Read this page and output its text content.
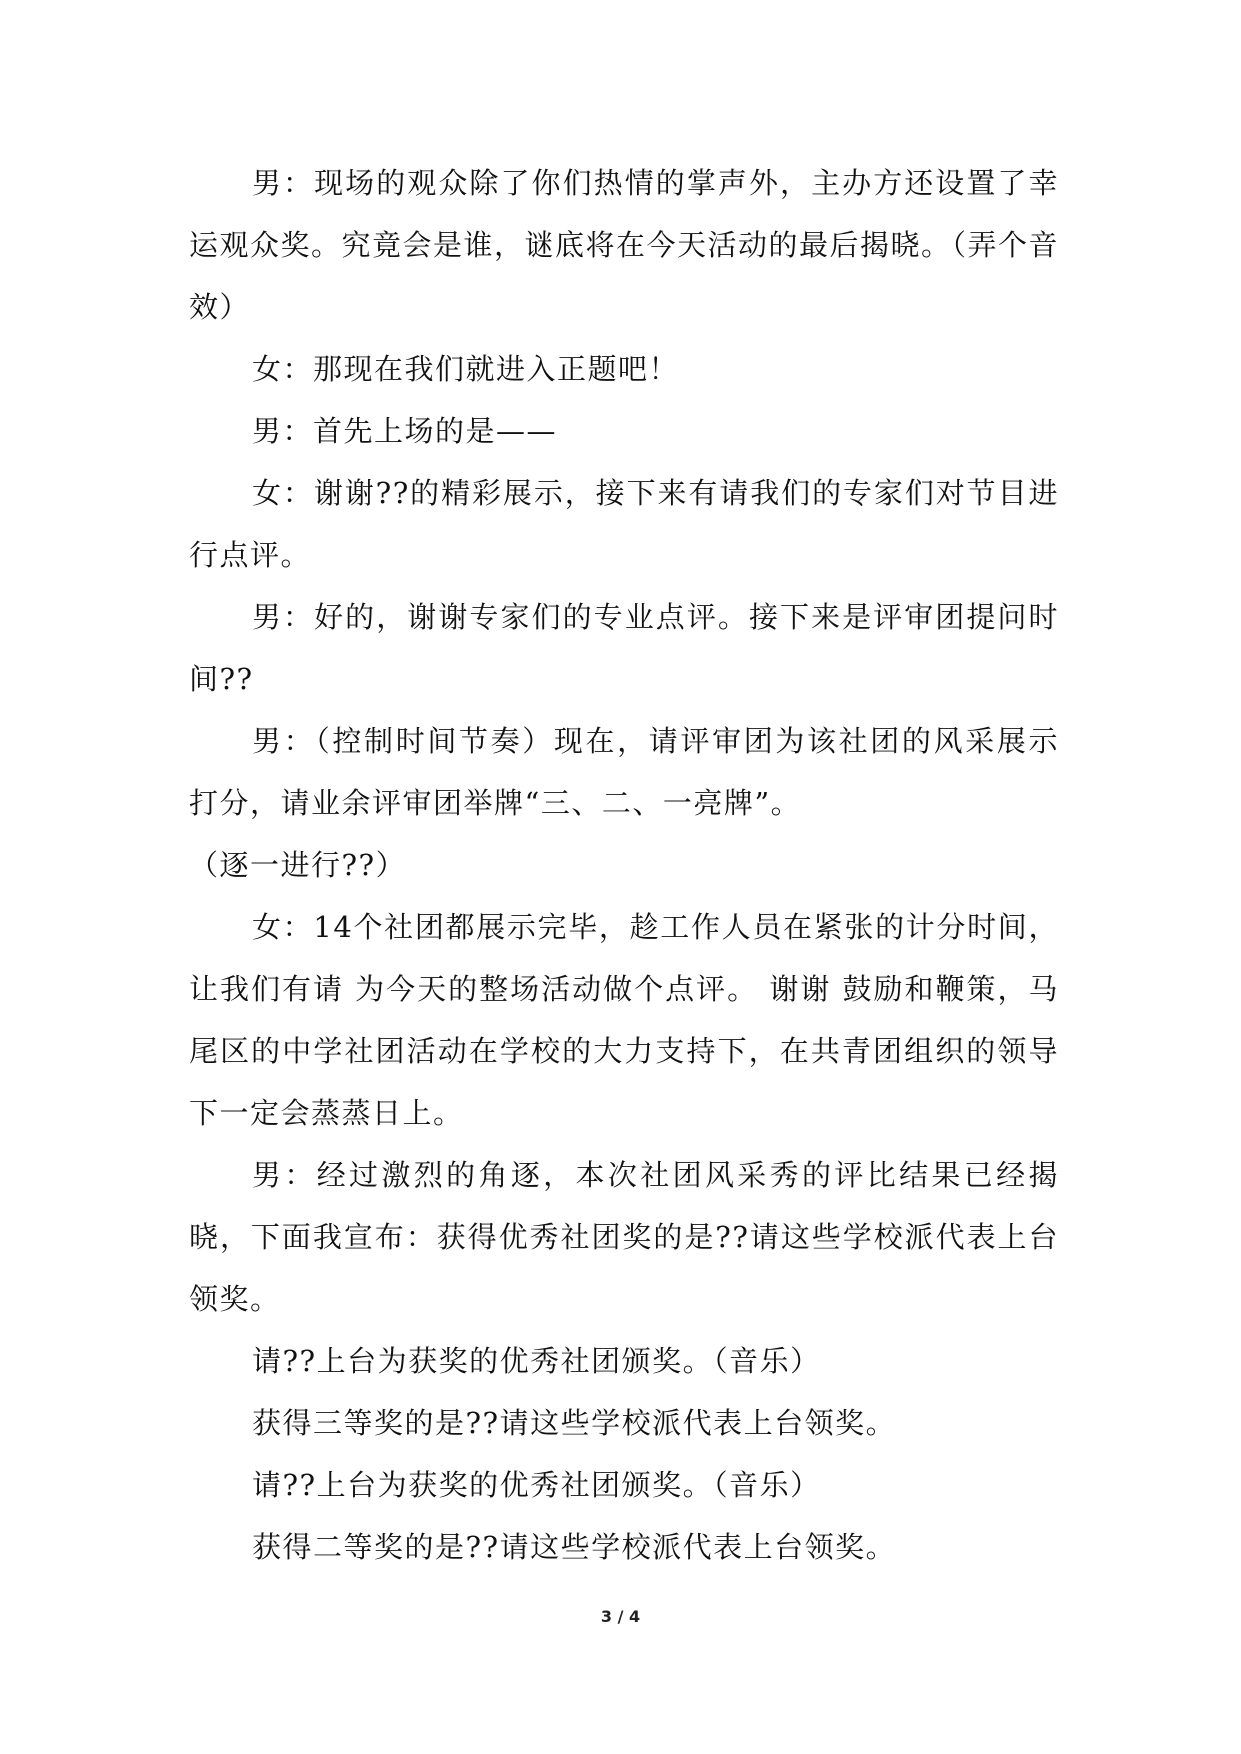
男：现场的观众除了你们热情的掌声外，主办方还设置了幸运观众奖。究竟会是谁，谜底将在今天活动的最后揭晓。（弄个音效）

女：那现在我们就进入正题吧！

男：首先上场的是——

女：谢谢??的精彩展示，接下来有请我们的专家们对节目进行点评。

男：好的，谢谢专家们的专业点评。接下来是评审团提问时间??

男：（控制时间节奏）现在，请评审团为该社团的风采展示打分，请业余评审团举牌“三、二、一亮牌”。

（逐一进行??）

女：14个社团都展示完毕，趁工作人员在紧张的计分时间，让我们有请 为今天的整场活动做个点评。 谢谢 鼓励和鞭策，马尾区的中学社团活动在学校的大力支持下，在共青团组织的领导下一定会蒸蒸日上。

男：经过激烈的角逐，本次社团风采秀的评比结果已经揭晓，下面我宣布：获得优秀社团奖的是??请这些学校派代表上台领奖。

请??上台为获奖的优秀社团颁奖。（音乐）

获得三等奖的是??请这些学校派代表上台领奖。

请??上台为获奖的优秀社团颁奖。（音乐）

获得二等奖的是??请这些学校派代表上台领奖。

3 / 4
